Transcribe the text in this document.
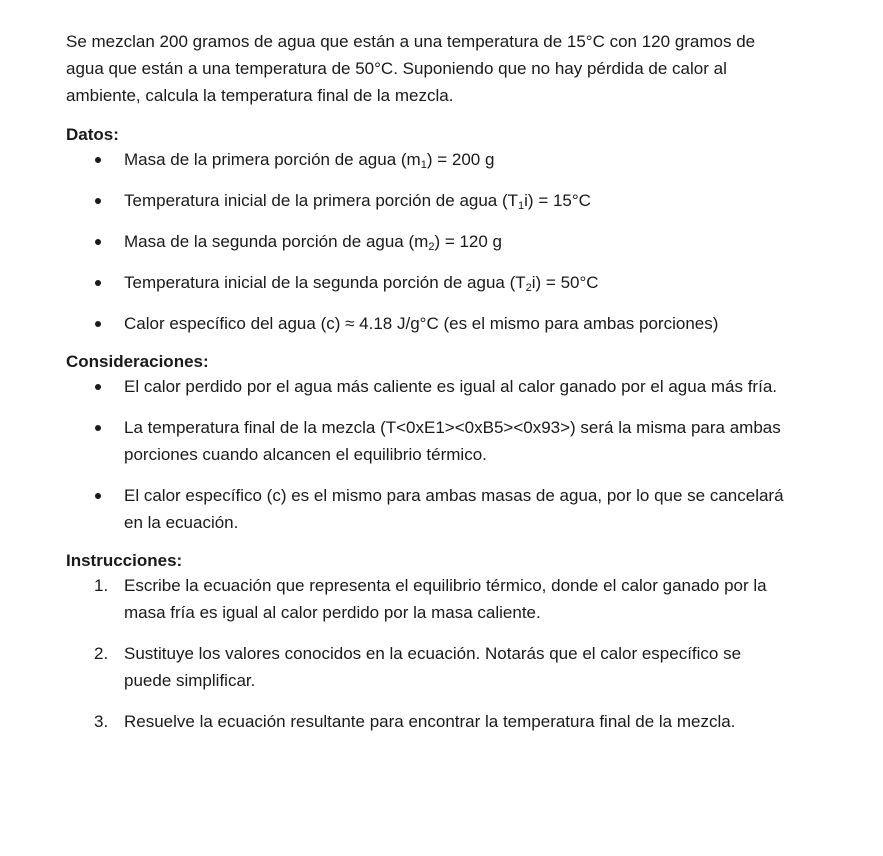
Se mezclan 200 gramos de agua que están a una temperatura de 15°C con 120 gramos de agua que están a una temperatura de 50°C. Suponiendo que no hay pérdida de calor al ambiente, calcula la temperatura final de la mezcla.

Datos:
Masa de la primera porción de agua $(m_1) = 200$ g
Temperatura inicial de la primera porción de agua $(T_1i) = 15^\circ C$
Masa de la segunda porción de agua $(m_2) = 120$ g
Temperatura inicial de la segunda porción de agua $(T_2i) = 50^\circ C$
Calor específico del agua (c) ≈ 4.18 J/g°C (es el mismo para ambas porciones)
Consideraciones:
El calor perdido por el agua más caliente es igual al calor ganado por el agua más fría.
La temperatura final de la mezcla (T<0xE1><0xB5><0x93>) será la misma para ambas porciones cuando alcancen el equilibrio térmico.
El calor específico (c) es el mismo para ambas masas de agua, por lo que se cancelará en la ecuación.
Instrucciones:
1. Escribe la ecuación que representa el equilibrio térmico, donde el calor ganado por la masa fría es igual al calor perdido por la masa caliente.
2. Sustituye los valores conocidos en la ecuación. Notarás que el calor específico se puede simplificar.
3. Resuelve la ecuación resultante para encontrar la temperatura final de la mezcla.
